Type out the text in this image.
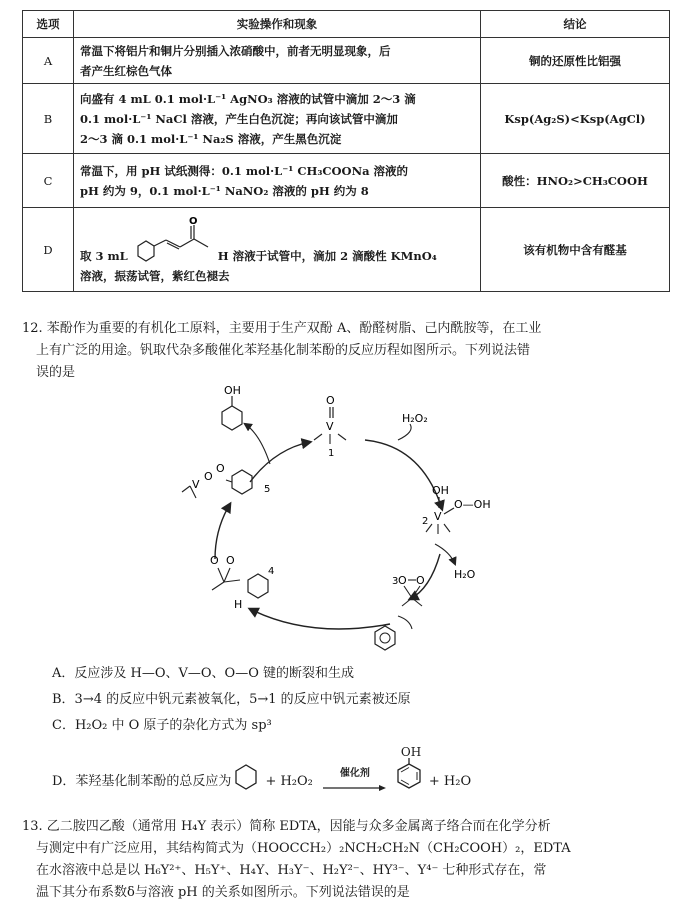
选项	实验操作和现象	结论
A	常温下将铝片和铜片分别插入浓硝酸中，前者无明显现象，后
者产生红棕色气体	铜的还原性比铝强
B	向盛有 4 mL 0.1 mol·L⁻¹ AgNO₃ 溶液的试管中滴加 2～3 滴
0.1 mol·L⁻¹ NaCl 溶液，产生白色沉淀；再向该试管中滴加
2～3 滴 0.1 mol·L⁻¹ Na₂S 溶液，产生黑色沉淀	Ksp(Ag₂S)<Ksp(AgCl)
C	常温下，用 pH 试纸测得：0.1 mol·L⁻¹ CH₃COONa 溶液的
pH 约为 9，0.1 mol·L⁻¹ NaNO₂ 溶液的 pH 约为 8	酸性：HNO₂>CH₃COOH
D	取 3 mL
O
H 溶液于试管中，滴加 2 滴酸性 KMnO₄
溶液，振荡试管，紫红色褪去	该有机物中含有醛基
12. 苯酚作为重要的有机化工原料，主要用于生产双酚 A、酚醛树脂、己内酰胺等，在工业
上有广泛的用途。钒取代杂多酸催化苯羟基化制苯酚的反应历程如图所示。下列说法错
误的是
OH
O
V
1
H₂O₂
OH
V
O—OH
2
H₂O
3 O O
O O
H
4
V
O
O
5
A．反应涉及 H—O、V—O、O—O 键的断裂和生成
B．3→4 的反应中钒元素被氧化，5→1 的反应中钒元素被还原
C．H₂O₂ 中 O 原子的杂化方式为 sp³
D．苯羟基化制苯酚的总反应为	+ H₂O₂
催化剂
OH
+ H₂O
13. 乙二胺四乙酸（通常用 H₄Y 表示）简称 EDTA，因能与众多金属离子络合而在化学分析
与测定中有广泛应用，其结构简式为（HOOCCH₂）₂NCH₂CH₂N（CH₂COOH）₂，EDTA
在水溶液中总是以 H₆Y²⁺、H₅Y⁺、H₄Y、H₃Y⁻、H₂Y²⁻、HY³⁻、Y⁴⁻ 七种形式存在，常
温下其分布系数δ与溶液 pH 的关系如图所示。下列说法错误的是
